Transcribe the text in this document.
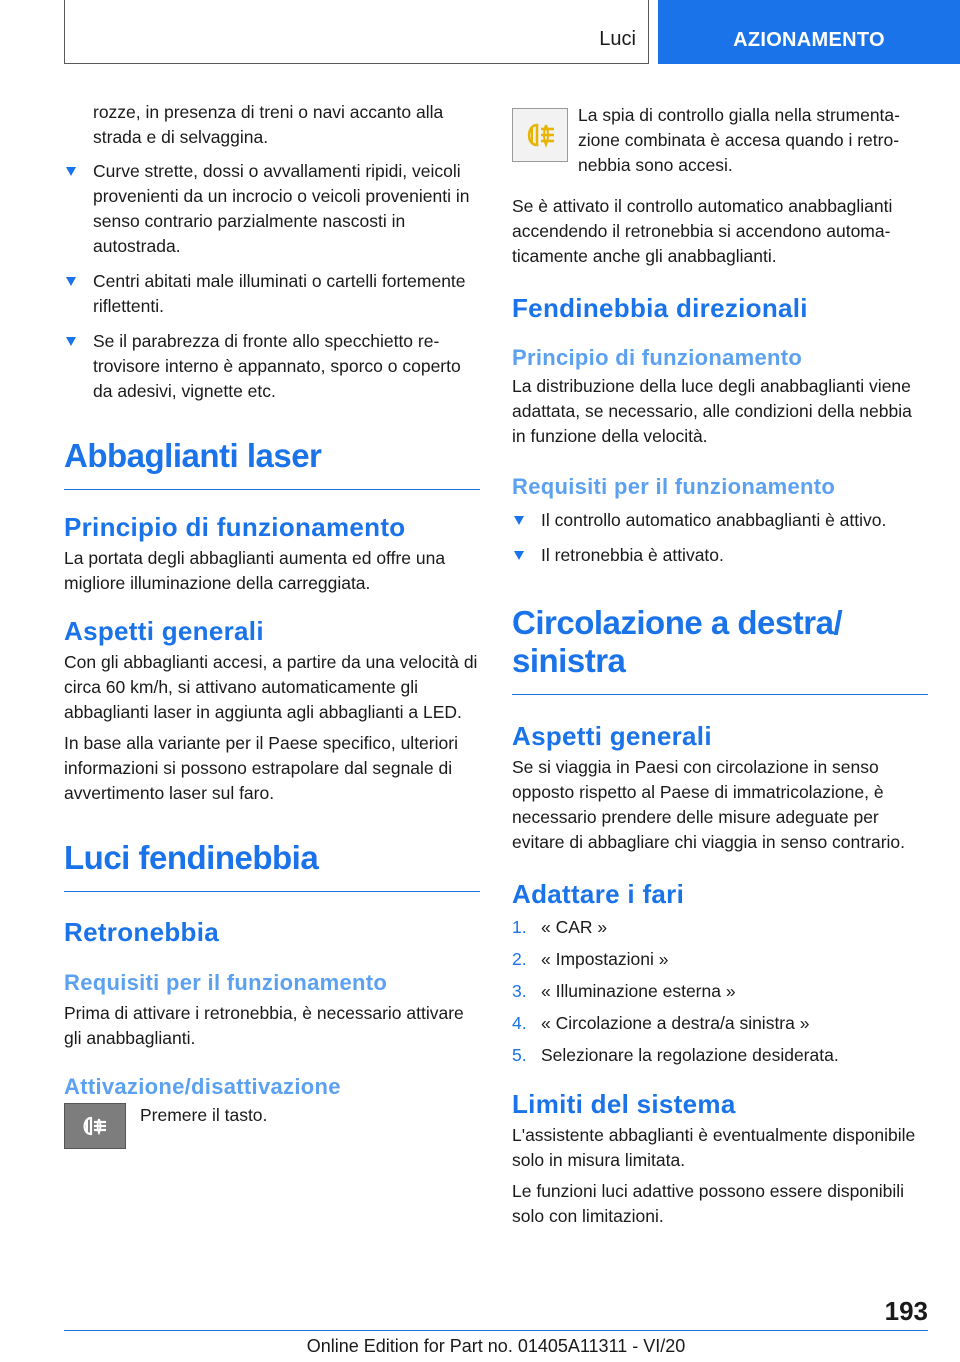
Luci	AZIONAMENTO

rozze, in presenza di treni o navi accanto alla strada e di selvaggina.

Curve strette, dossi o avvallamenti ripidi, veicoli provenienti da un incrocio o veicoli provenienti in senso contrario parzialmente nascosti in autostrada.
Centri abitati male illuminati o cartelli fortemente riflettenti.
Se il parabrezza di fronte allo specchietto retrovisore interno è appannato, sporco o coperto da adesivi, vignette etc.
Abbaglianti laser
Principio di funzionamento

La portata degli abbaglianti aumenta ed offre una migliore illuminazione della carreggiata.

Aspetti generali

Con gli abbaglianti accesi, a partire da una velocità di circa 60 km/h, si attivano automaticamente gli abbaglianti laser in aggiunta agli abbaglianti a LED.

In base alla variante per il Paese specifico, ulteriori informazioni si possono estrapolare dal segnale di avvertimento laser sul faro.

Luci fendinebbia
Retronebbia
Requisiti per il funzionamento

Prima di attivare i retronebbia, è necessario attivare gli anabbaglianti.

Attivazione/disattivazione

Premere il tasto.

La spia di controllo gialla nella strumentazione combinata è accesa quando i retronebbia sono accesi.

Se è attivato il controllo automatico anabbaglianti accendendo il retronebbia si accendono automaticamente anche gli anabbaglianti.

Fendinebbia direzionali
Principio di funzionamento

La distribuzione della luce degli anabbaglianti viene adattata, se necessario, alle condizioni della nebbia in funzione della velocità.

Requisiti per il funzionamento
Il controllo automatico anabbaglianti è attivo.
Il retronebbia è attivato.
Circolazione a destra/ sinistra
Aspetti generali

Se si viaggia in Paesi con circolazione in senso opposto rispetto al Paese di immatricolazione, è necessario prendere delle misure adeguate per evitare di abbagliare chi viaggia in senso contrario.

Adattare i fari
1. « CAR »
2. « Impostazioni »
3. « Illuminazione esterna »
4. « Circolazione a destra/a sinistra »
5. Selezionare la regolazione desiderata.
Limiti del sistema

L'assistente abbaglianti è eventualmente disponibile solo in misura limitata.

Le funzioni luci adattive possono essere disponibili solo con limitazioni.

193
Online Edition for Part no. 01405A11311 - VI/20
